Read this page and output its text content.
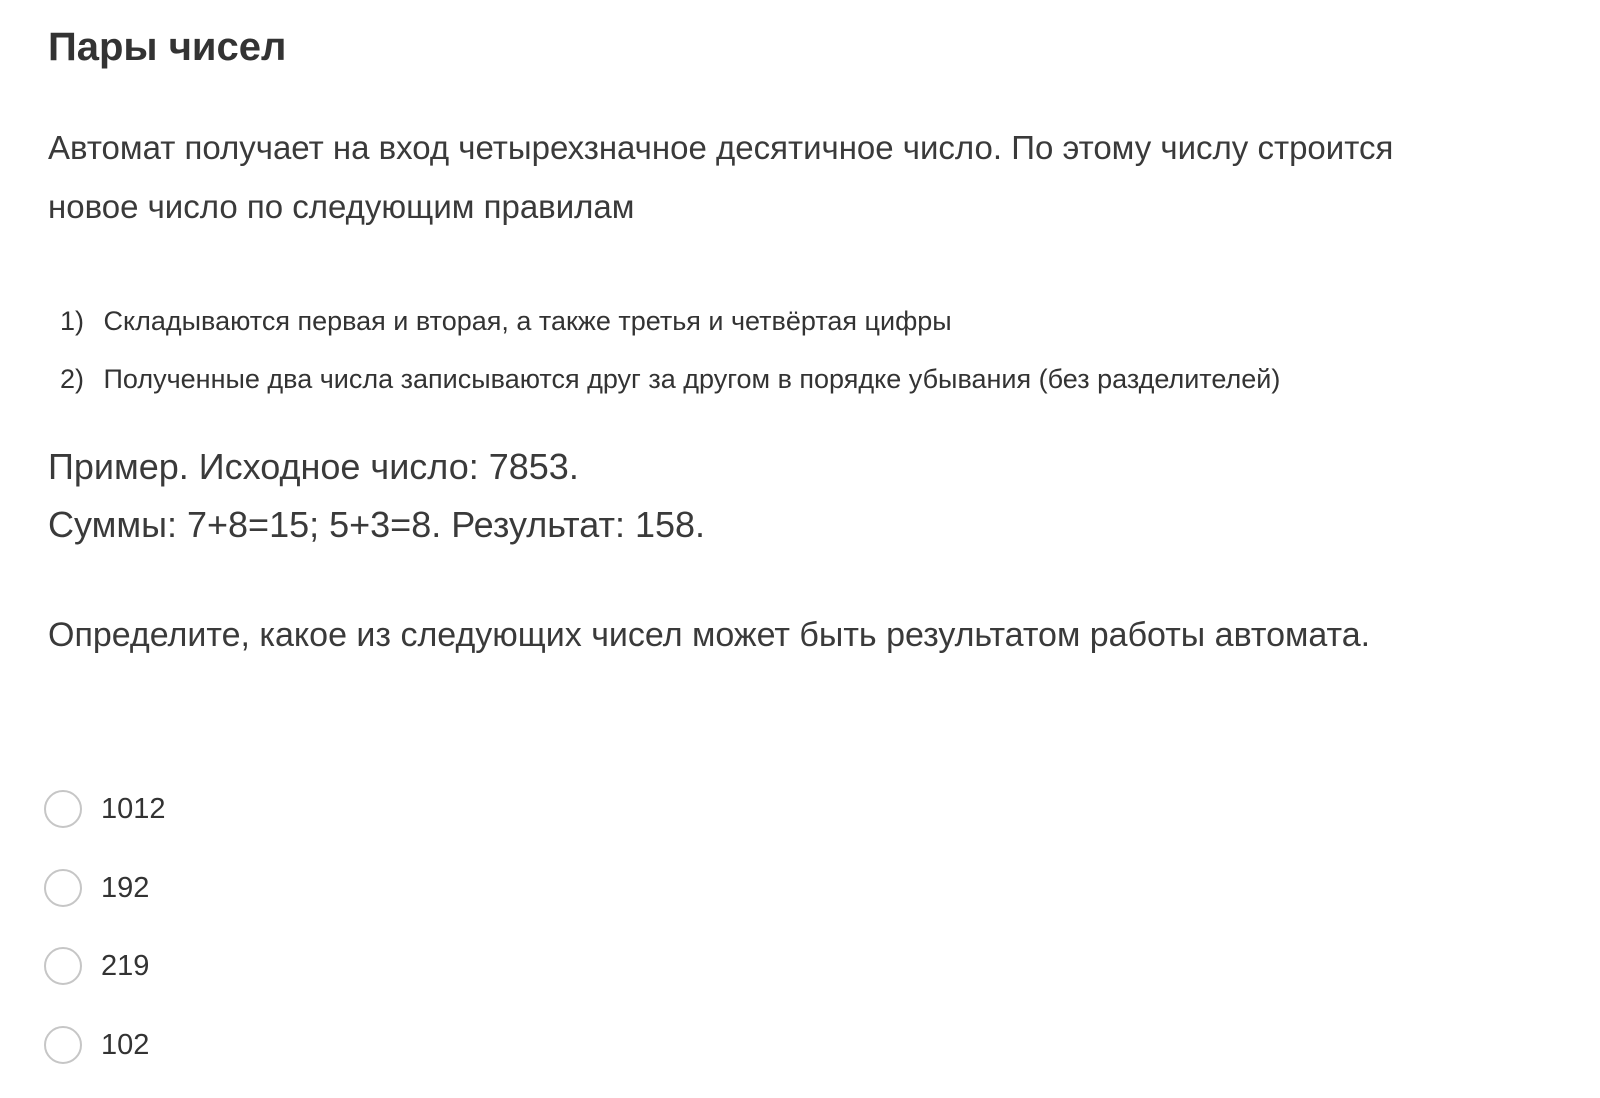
Пары чисел

Автомат получает на вход четырехзначное десятичное число. По этому числу строится
новое число по следующим правилам

1) Складываются первая и вторая, а также третья и четвёртая цифры
2) Полученные два числа записываются друг за другом в порядке убывания (без разделителей)

Пример. Исходное число: 7853.
Суммы: 7+8=15; 5+3=8. Результат: 158.

Определите, какое из следующих чисел может быть результатом работы автомата.

1012
192
219
102
